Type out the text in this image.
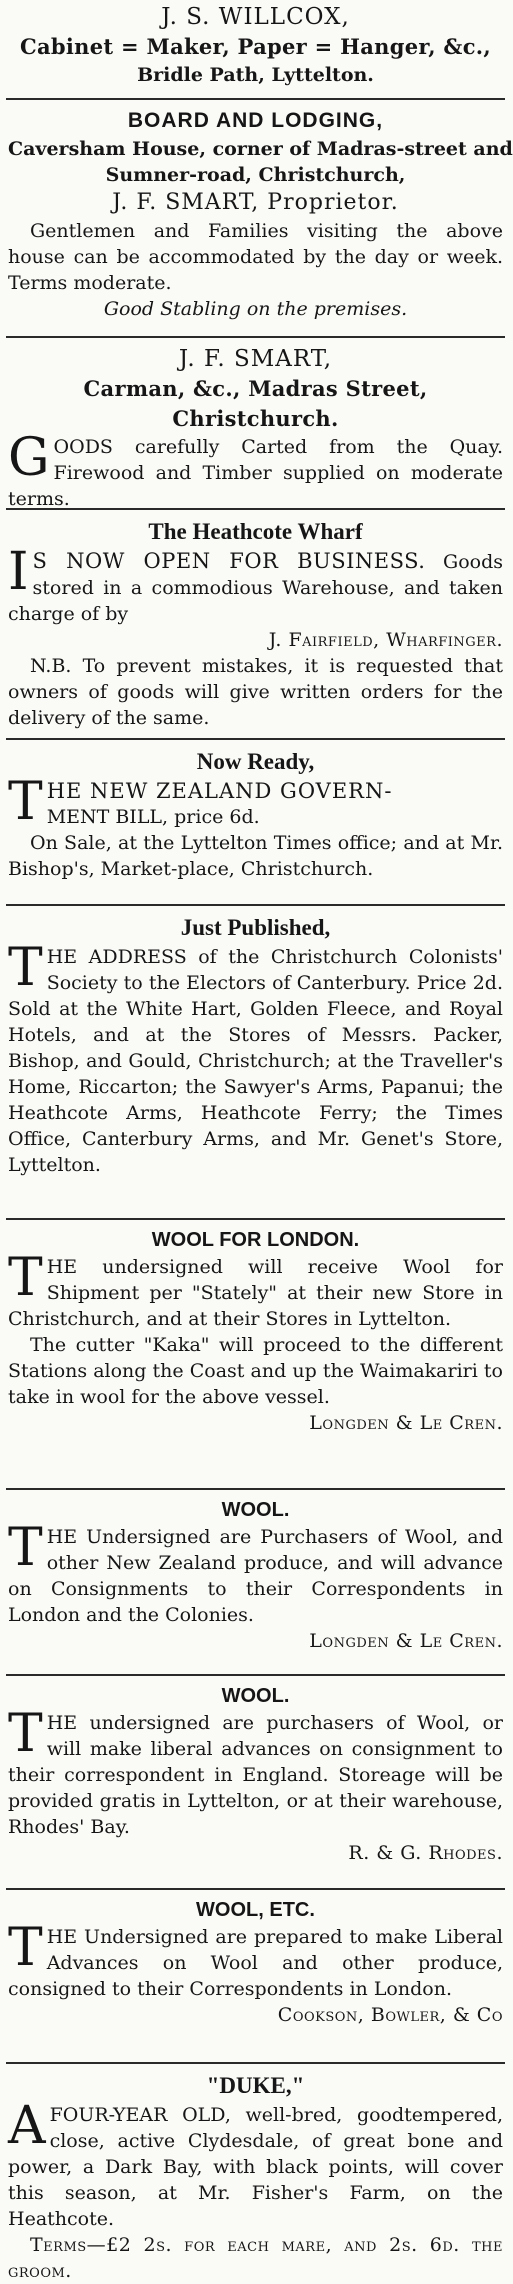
J. S. WILLCOX,
Cabinet = Maker, Paper = Hanger, &c.,
Bridle Path, Lyttelton.
BOARD AND LODGING,
Caversham House, corner of Madras-street and
Sumner-road, Christchurch,
J. F. SMART, Proprietor.
Gentlemen and Families visiting the above house can be accommodated by the day or week. Terms moderate.
Good Stabling on the premises.
J. F. SMART,
Carman, &c., Madras Street, Christchurch.
G OODS carefully Carted from the Quay. Firewood and Timber supplied on moderate terms.
The Heathcote Wharf
I S NOW OPEN FOR BUSINESS. Goods stored in a commodious Warehouse, and taken charge of by
J. Fairfield, Wharfinger.
N.B. To prevent mistakes, it is requested that owners of goods will give written orders for the delivery of the same.
Now Ready,
T HE NEW ZEALAND GOVERN-
MENT BILL, price 6d.
On Sale, at the Lyttelton Times office; and at Mr. Bishop's, Market-place, Christchurch.
Just Published,
T HE ADDRESS of the Christchurch Colonists' Society to the Electors of Canterbury. Price 2d. Sold at the White Hart, Golden Fleece, and Royal Hotels, and at the Stores of Messrs. Packer, Bishop, and Gould, Christchurch; at the Traveller's Home, Riccarton; the Sawyer's Arms, Papanui; the Heathcote Arms, Heathcote Ferry; the Times Office, Canterbury Arms, and Mr. Genet's Store, Lyttelton.
WOOL FOR LONDON.
T HE undersigned will receive Wool for Shipment per "Stately" at their new Store in Christchurch, and at their Stores in Lyttelton.
The cutter "Kaka" will proceed to the different Stations along the Coast and up the Waimakariri to take in wool for the above vessel.
Longden & Le Cren.
WOOL.
T HE Undersigned are Purchasers of Wool, and other New Zealand produce, and will advance on Consignments to their Correspondents in London and the Colonies.
Longden & Le Cren.
WOOL.
T HE undersigned are purchasers of Wool, or will make liberal advances on consignment to their correspondent in England. Storeage will be provided gratis in Lyttelton, or at their warehouse, Rhodes' Bay.
R. & G. Rhodes.
WOOL, ETC.
T HE Undersigned are prepared to make Liberal Advances on Wool and other produce, consigned to their Correspondents in London.
Cookson, Bowler, & Co
"DUKE,"
A FOUR-YEAR OLD, well-bred, goodtempered, close, active Clydesdale, of great bone and power, a Dark Bay, with black points, will cover this season, at Mr. Fisher's Farm, on the Heathcote.
Terms—£2 2s. for each mare, and 2s. 6d. the groom.
